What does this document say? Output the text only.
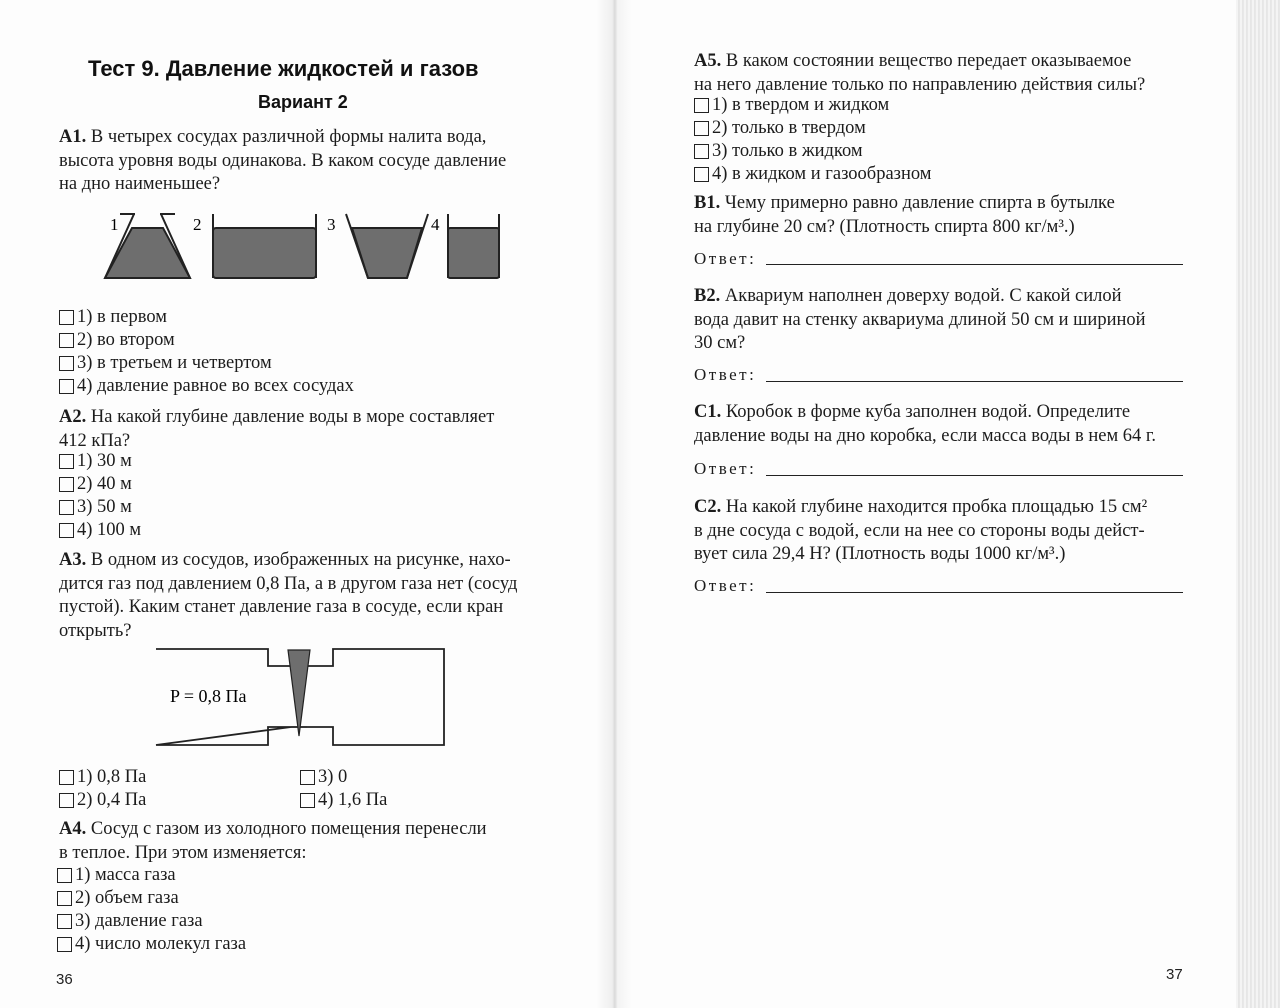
Тест 9. Давление жидкостей и газов
Вариант 2
А1. В четырех сосудах различной формы налита вода,
высота уровня воды одинакова. В каком сосуде давление
на дно наименьшее?
1	2	3	4
1) в первом
2) во втором
3) в третьем и четвертом
4) давление равное во всех сосудах
А2. На какой глубине давление воды в море составляет
412 кПа?
1) 30 м
2) 40 м
3) 50 м
4) 100 м
А3. В одном из сосудов, изображенных на рисунке, нахо-
дится газ под давлением 0,8 Па, а в другом газа нет (сосуд
пустой). Каким станет давление газа в сосуде, если кран
открыть?
P = 0,8 Па
1) 0,8 Па
2) 0,4 Па
3) 0
4) 1,6 Па
А4. Сосуд с газом из холодного помещения перенесли
в теплое. При этом изменяется:
1) масса газа
2) объем газа
3) давление газа
4) число молекул газа
36
А5. В каком состоянии вещество передает оказываемое
на него давление только по направлению действия силы?
1) в твердом и жидком
2) только в твердом
3) только в жидком
4) в жидком и газообразном
В1. Чему примерно равно давление спирта в бутылке
на глубине 20 см? (Плотность спирта 800 кг/м³.)
Ответ:
В2. Аквариум наполнен доверху водой. С какой силой
вода давит на стенку аквариума длиной 50 см и шириной
30 см?
Ответ:
С1. Коробок в форме куба заполнен водой. Определите
давление воды на дно коробка, если масса воды в нем 64 г.
Ответ:
С2. На какой глубине находится пробка площадью 15 см²
в дне сосуда с водой, если на нее со стороны воды дейст-
вует сила 29,4 Н? (Плотность воды 1000 кг/м³.)
Ответ:
37
